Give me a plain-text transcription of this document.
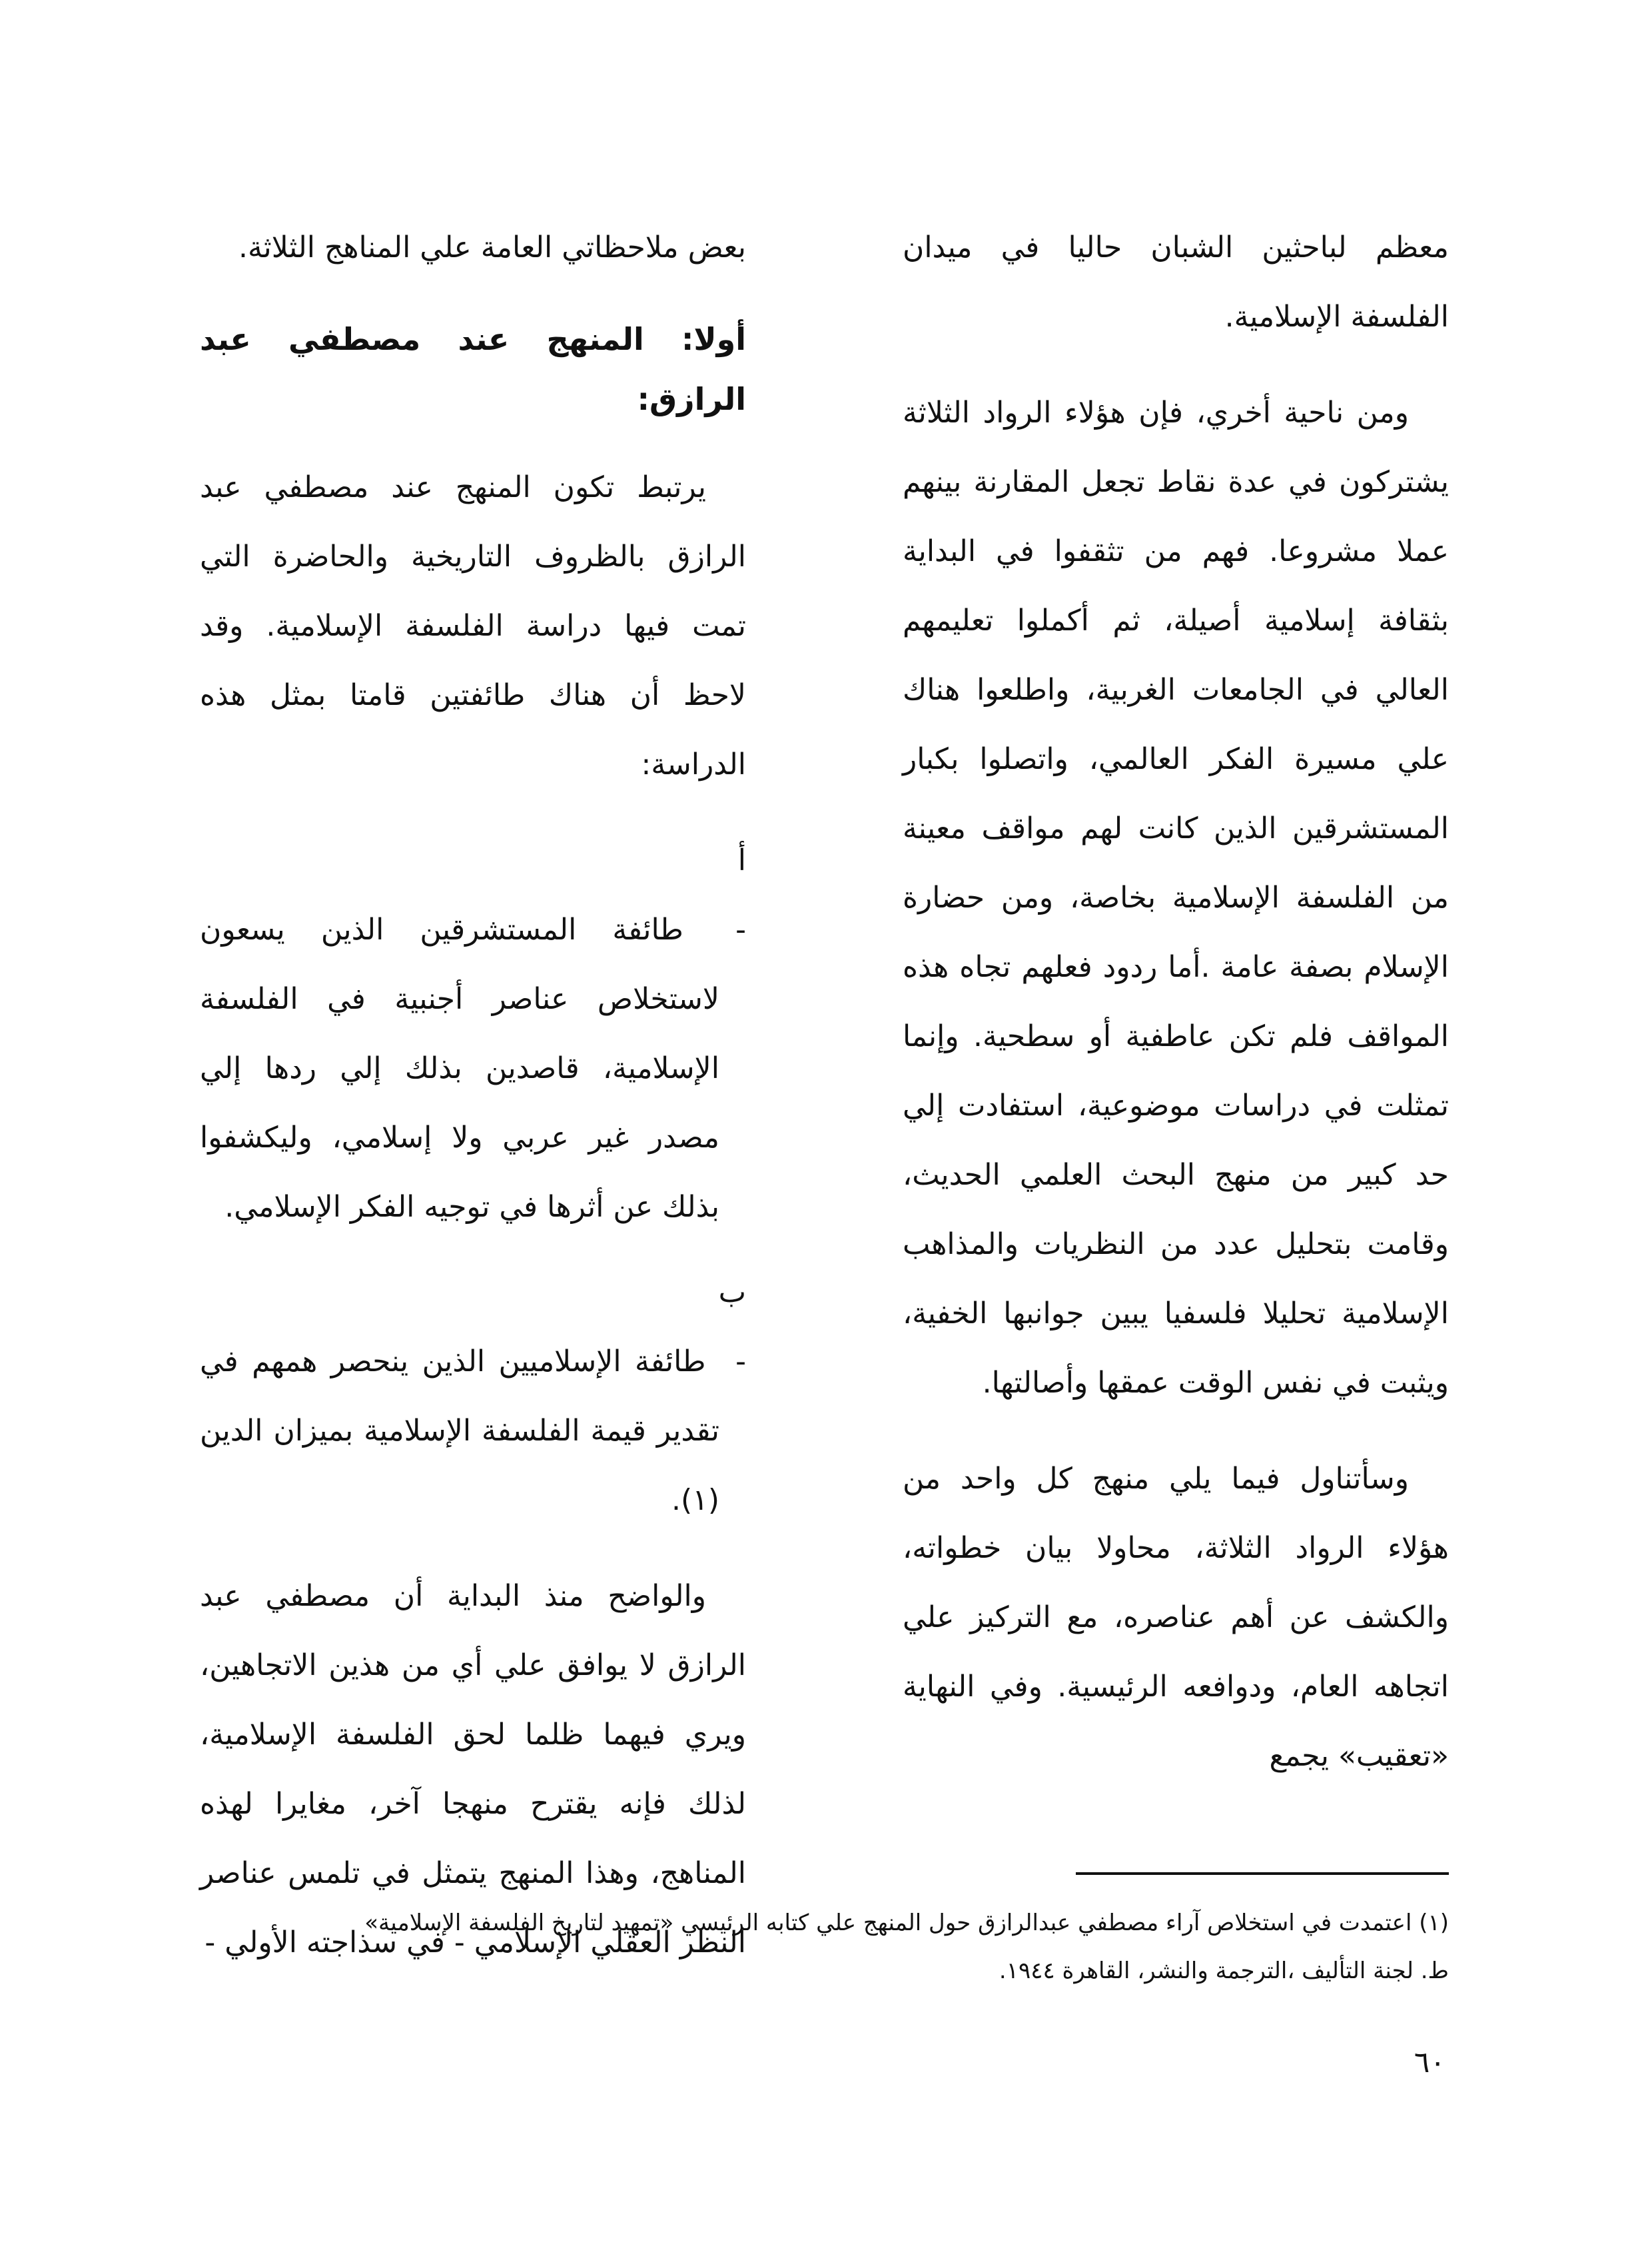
معظم لباحثين الشبان حاليا في ميدان الفلسفة الإسلامية.

ومن ناحية أخري، فإن هؤلاء الرواد الثلاثة يشتركون في عدة نقاط تجعل المقارنة بينهم عملا مشروعا. فهم من تثقفوا في البداية بثقافة إسلامية أصيلة، ثم أكملوا تعليمهم العالي في الجامعات الغربية، واطلعوا هناك علي مسيرة الفكر العالمي، واتصلوا بكبار المستشرقين الذين كانت لهم مواقف معينة من الفلسفة الإسلامية بخاصة، ومن حضارة الإسلام بصفة عامة .أما ردود فعلهم تجاه هذه المواقف فلم تكن عاطفية أو سطحية. وإنما تمثلت في دراسات موضوعية، استفادت إلي حد كبير من منهج البحث العلمي الحديث، وقامت بتحليل عدد من النظريات والمذاهب الإسلامية تحليلا فلسفيا يبين جوانبها الخفية، ويثبت في نفس الوقت عمقها وأصالتها.

وسأتناول فيما يلي منهج كل واحد من هؤلاء الرواد الثلاثة، محاولا بيان خطواته، والكشف عن أهم عناصره، مع التركيز علي اتجاهه العام، ودوافعه الرئيسية. وفي النهاية «تعقيب» يجمع

بعض ملاحظاتي العامة علي المناهج الثلاثة.

أولا: المنهج عند مصطفي عبد الرازق:

يرتبط تكون المنهج عند مصطفي عبد الرازق بالظروف التاريخية والحاضرة التي تمت فيها دراسة الفلسفة الإسلامية. وقد لاحظ أن هناك طائفتين قامتا بمثل هذه الدراسة:

أ - طائفة المستشرقين الذين يسعون لاستخلاص عناصر أجنبية في الفلسفة الإسلامية، قاصدين بذلك إلي ردها إلي مصدر غير عربي ولا إسلامي، وليكشفوا بذلك عن أثرها في توجيه الفكر الإسلامي.

ب - طائفة الإسلاميين الذين ينحصر همهم في تقدير قيمة الفلسفة الإسلامية بميزان الدين (١).

والواضح منذ البداية أن مصطفي عبد الرازق لا يوافق علي أي من هذين الاتجاهين، ويري فيهما ظلما لحق الفلسفة الإسلامية، لذلك فإنه يقترح منهجا آخر، مغايرا لهذه المناهج، وهذا المنهج يتمثل في تلمس عناصر النظر العقلي الإسلامي - في سذاجته الأولي -

(١) اعتمدت في استخلاص آراء مصطفي عبدالرازق حول المنهج علي كتابه الرئيسي «تمهيد لتاريخ الفلسفة الإسلامية»
ط. لجنة التأليف ،الترجمة والنشر، القاهرة ١٩٤٤.
٦٠
